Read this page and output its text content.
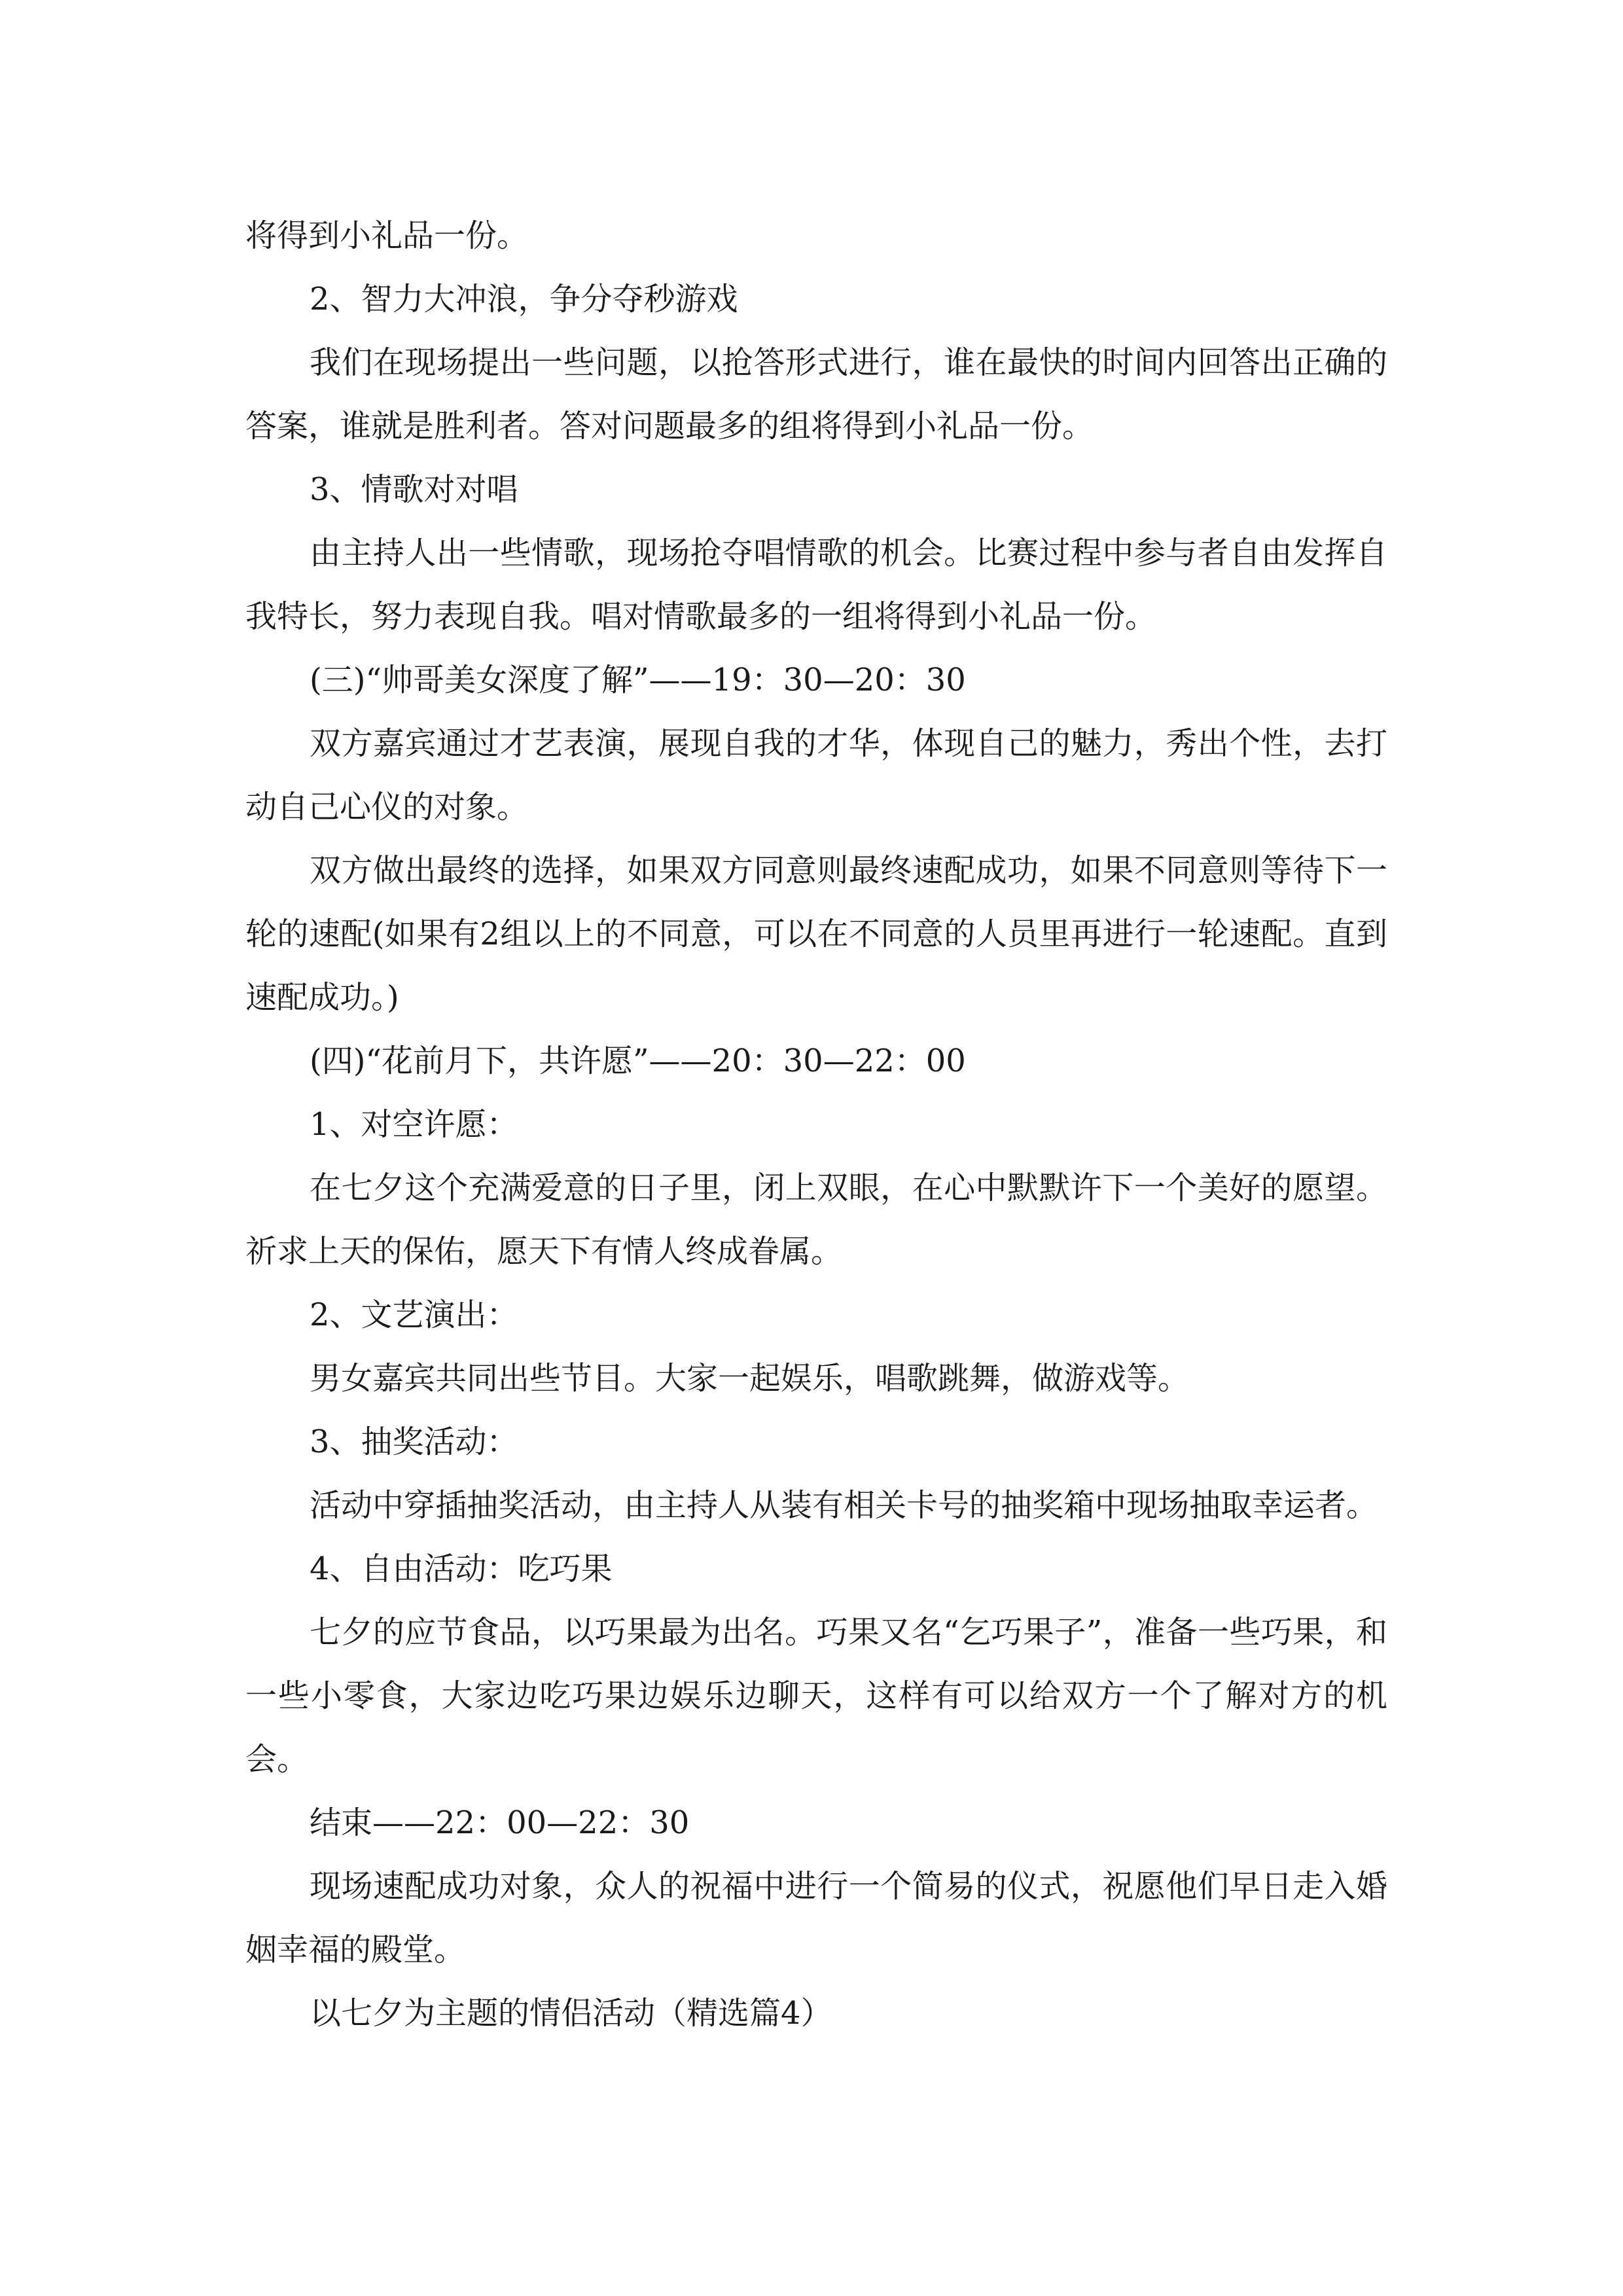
将得到小礼品一份。

2、智力大冲浪，争分夺秒游戏

我们在现场提出一些问题，以抢答形式进行，谁在最快的时间内回答出正确的答案，谁就是胜利者。答对问题最多的组将得到小礼品一份。

3、情歌对对唱

由主持人出一些情歌，现场抢夺唱情歌的机会。比赛过程中参与者自由发挥自我特长，努力表现自我。唱对情歌最多的一组将得到小礼品一份。

(三)“帅哥美女深度了解”——19：30—20：30

双方嘉宾通过才艺表演，展现自我的才华，体现自己的魅力，秀出个性，去打动自己心仪的对象。

双方做出最终的选择，如果双方同意则最终速配成功，如果不同意则等待下一轮的速配(如果有2组以上的不同意，可以在不同意的人员里再进行一轮速配。直到速配成功。)

(四)“花前月下，共许愿”——20：30—22：00

1、对空许愿：

在七夕这个充满爱意的日子里，闭上双眼，在心中默默许下一个美好的愿望。祈求上天的保佑，愿天下有情人终成眷属。

2、文艺演出：

男女嘉宾共同出些节目。大家一起娱乐，唱歌跳舞，做游戏等。

3、抽奖活动：

活动中穿插抽奖活动，由主持人从装有相关卡号的抽奖箱中现场抽取幸运者。

4、自由活动：吃巧果

七夕的应节食品，以巧果最为出名。巧果又名“乞巧果子”，准备一些巧果，和一些小零食，大家边吃巧果边娱乐边聊天，这样有可以给双方一个了解对方的机会。

结束——22：00—22：30

现场速配成功对象，众人的祝福中进行一个简易的仪式，祝愿他们早日走入婚姻幸福的殿堂。

以七夕为主题的情侣活动（精选篇4）
